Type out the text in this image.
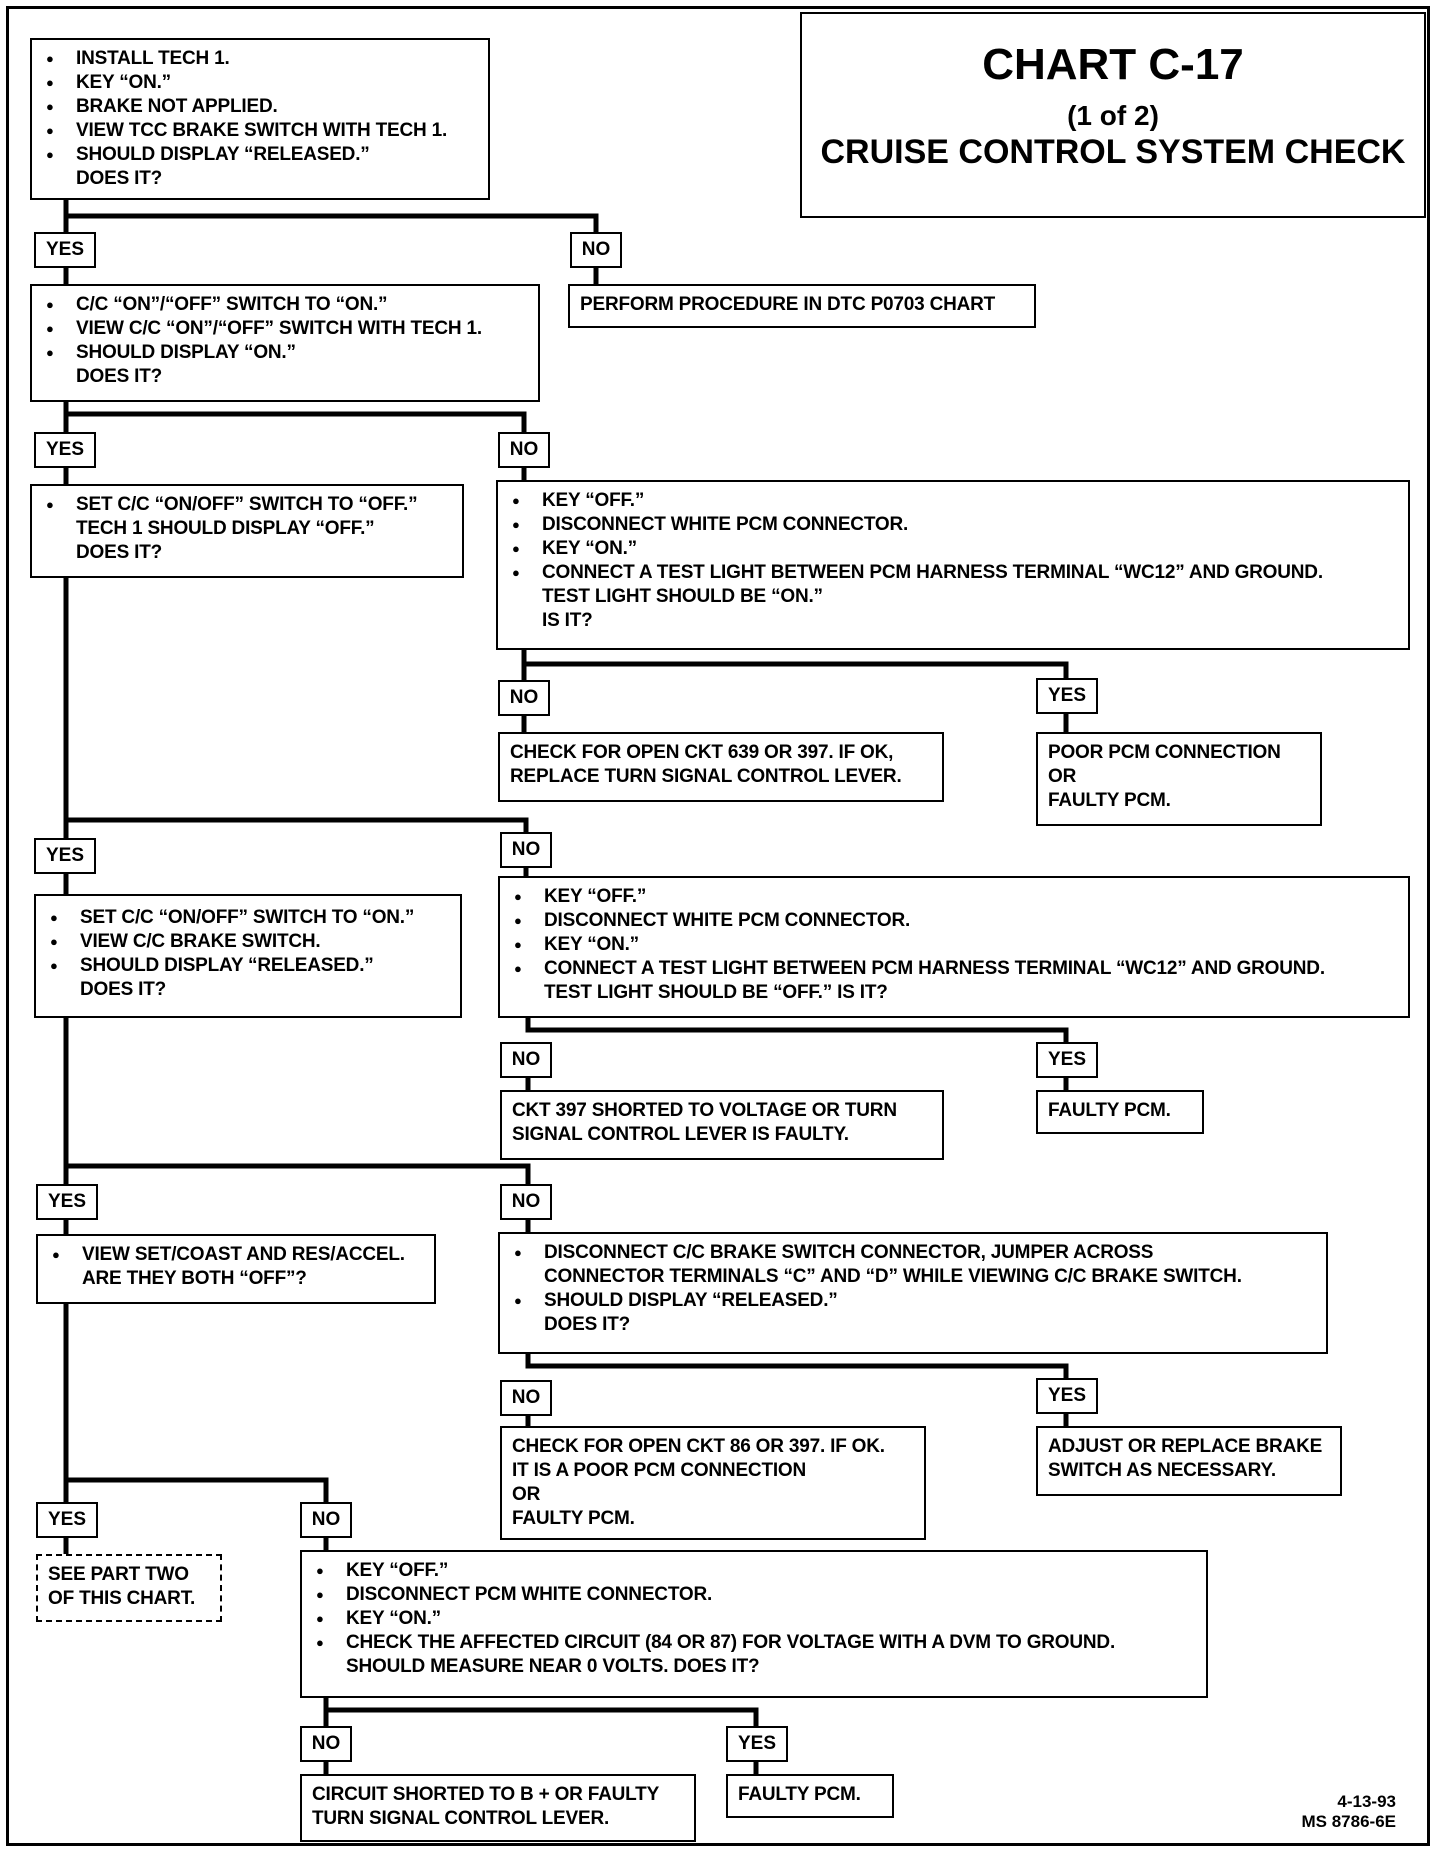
CHART C-17
(1 of 2)
CRUISE CONTROL SYSTEM CHECK
● INSTALL TECH 1.
● KEY “ON.”
● BRAKE NOT APPLIED.
● VIEW TCC BRAKE SWITCH WITH TECH 1.
● SHOULD DISPLAY “RELEASED.”
DOES IT?
YES	NO
PERFORM PROCEDURE IN DTC P0703 CHART
● C/C “ON”/“OFF” SWITCH TO “ON.”
● VIEW C/C “ON”/“OFF” SWITCH WITH TECH 1.
● SHOULD DISPLAY “ON.”
DOES IT?
YES	NO
● SET C/C “ON/OFF” SWITCH TO “OFF.”
TECH 1 SHOULD DISPLAY “OFF.”
DOES IT?
● KEY “OFF.”
● DISCONNECT WHITE PCM CONNECTOR.
● KEY “ON.”
● CONNECT A TEST LIGHT BETWEEN PCM HARNESS TERMINAL “WC12” AND GROUND.
TEST LIGHT SHOULD BE “ON.”
IS IT?
NO	YES
CHECK FOR OPEN CKT 639 OR 397. IF OK,
REPLACE TURN SIGNAL CONTROL LEVER.
POOR PCM CONNECTION
OR
FAULTY PCM.
YES	NO
● SET C/C “ON/OFF” SWITCH TO “ON.”
● VIEW C/C BRAKE SWITCH.
● SHOULD DISPLAY “RELEASED.”
DOES IT?
● KEY “OFF.”
● DISCONNECT WHITE PCM CONNECTOR.
● KEY “ON.”
● CONNECT A TEST LIGHT BETWEEN PCM HARNESS TERMINAL “WC12” AND GROUND.
TEST LIGHT SHOULD BE “OFF.” IS IT?
NO	YES
CKT 397 SHORTED TO VOLTAGE OR TURN
SIGNAL CONTROL LEVER IS FAULTY.
FAULTY PCM.
YES	NO
● VIEW SET/COAST AND RES/ACCEL.
ARE THEY BOTH “OFF”?
● DISCONNECT C/C BRAKE SWITCH CONNECTOR, JUMPER ACROSS
CONNECTOR TERMINALS “C” AND “D” WHILE VIEWING C/C BRAKE SWITCH.
● SHOULD DISPLAY “RELEASED.”
DOES IT?
NO	YES
CHECK FOR OPEN CKT 86 OR 397. IF OK.
IT IS A POOR PCM CONNECTION
OR
FAULTY PCM.
ADJUST OR REPLACE BRAKE
SWITCH AS NECESSARY.
YES	NO
SEE PART TWO
OF THIS CHART.
● KEY “OFF.”
● DISCONNECT PCM WHITE CONNECTOR.
● KEY “ON.”
● CHECK THE AFFECTED CIRCUIT (84 OR 87) FOR VOLTAGE WITH A DVM TO GROUND.
SHOULD MEASURE NEAR 0 VOLTS. DOES IT?
NO	YES
CIRCUIT SHORTED TO B + OR FAULTY
TURN SIGNAL CONTROL LEVER.
FAULTY PCM.	4-13-93
MS 8786-6E
